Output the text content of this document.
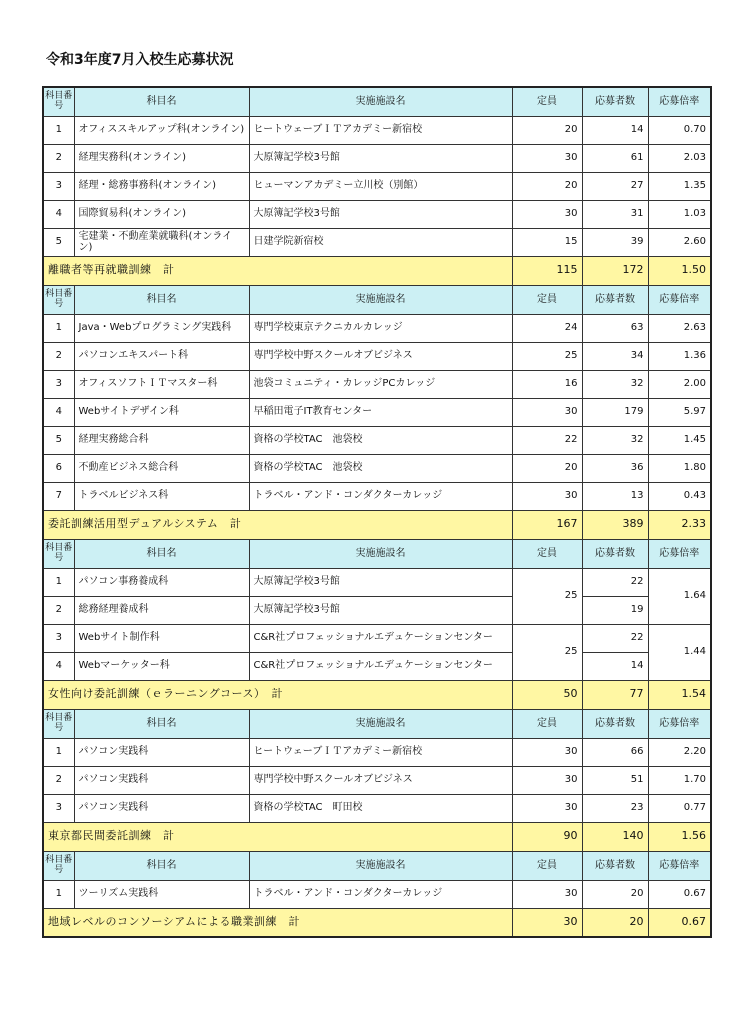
令和3年度7月入校生応募状況
科目番号	科目名	実施施設名	定員	応募者数	応募倍率
1	オフィススキルアップ科(オンライン)	ヒートウェーブＩＴアカデミー新宿校	20	14	0.70
2	経理実務科(オンライン)	大原簿記学校3号館	30	61	2.03
3	経理・総務事務科(オンライン)	ヒューマンアカデミー立川校（別館）	20	27	1.35
4	国際貿易科(オンライン)	大原簿記学校3号館	30	31	1.03
5	宅建業・不動産業就職科(オンライン)	日建学院新宿校	15	39	2.60
離職者等再就職訓練　計			115	172	1.50
科目番号	科目名	実施施設名	定員	応募者数	応募倍率
1	Java・Webプログラミング実践科	専門学校東京テクニカルカレッジ	24	63	2.63
2	パソコンエキスパート科	専門学校中野スクールオブビジネス	25	34	1.36
3	オフィスソフトＩＴマスター科	池袋コミュニティ・カレッジPCカレッジ	16	32	2.00
4	Webサイトデザイン科	早稲田電子IT教育センター	30	179	5.97
5	経理実務総合科	資格の学校TAC　池袋校	22	32	1.45
6	不動産ビジネス総合科	資格の学校TAC　池袋校	20	36	1.80
7	トラベルビジネス科	トラベル・アンド・コンダクターカレッジ	30	13	0.43
委託訓練活用型デュアルシステム　計			167	389	2.33
科目番号	科目名	実施施設名	定員	応募者数	応募倍率
1	パソコン事務養成科	大原簿記学校3号館	25	22	1.64
2	総務経理養成科	大原簿記学校3号館		19	
3	Webサイト制作科	C&R社プロフェッショナルエデュケーションセンター	25	22	1.44
4	Webマーケッター科	C&R社プロフェッショナルエデュケーションセンター		14	
女性向け委託訓練（ｅラーニングコース）　計			50	77	1.54
科目番号	科目名	実施施設名	定員	応募者数	応募倍率
1	パソコン実践科	ヒートウェーブＩＴアカデミー新宿校	30	66	2.20
2	パソコン実践科	専門学校中野スクールオブビジネス	30	51	1.70
3	パソコン実践科	資格の学校TAC　町田校	30	23	0.77
東京都民間委託訓練　計			90	140	1.56
科目番号	科目名	実施施設名	定員	応募者数	応募倍率
1	ツーリズム実践科	トラベル・アンド・コンダクターカレッジ	30	20	0.67
地域レベルのコンソーシアムによる職業訓練　計			30	20	0.67
